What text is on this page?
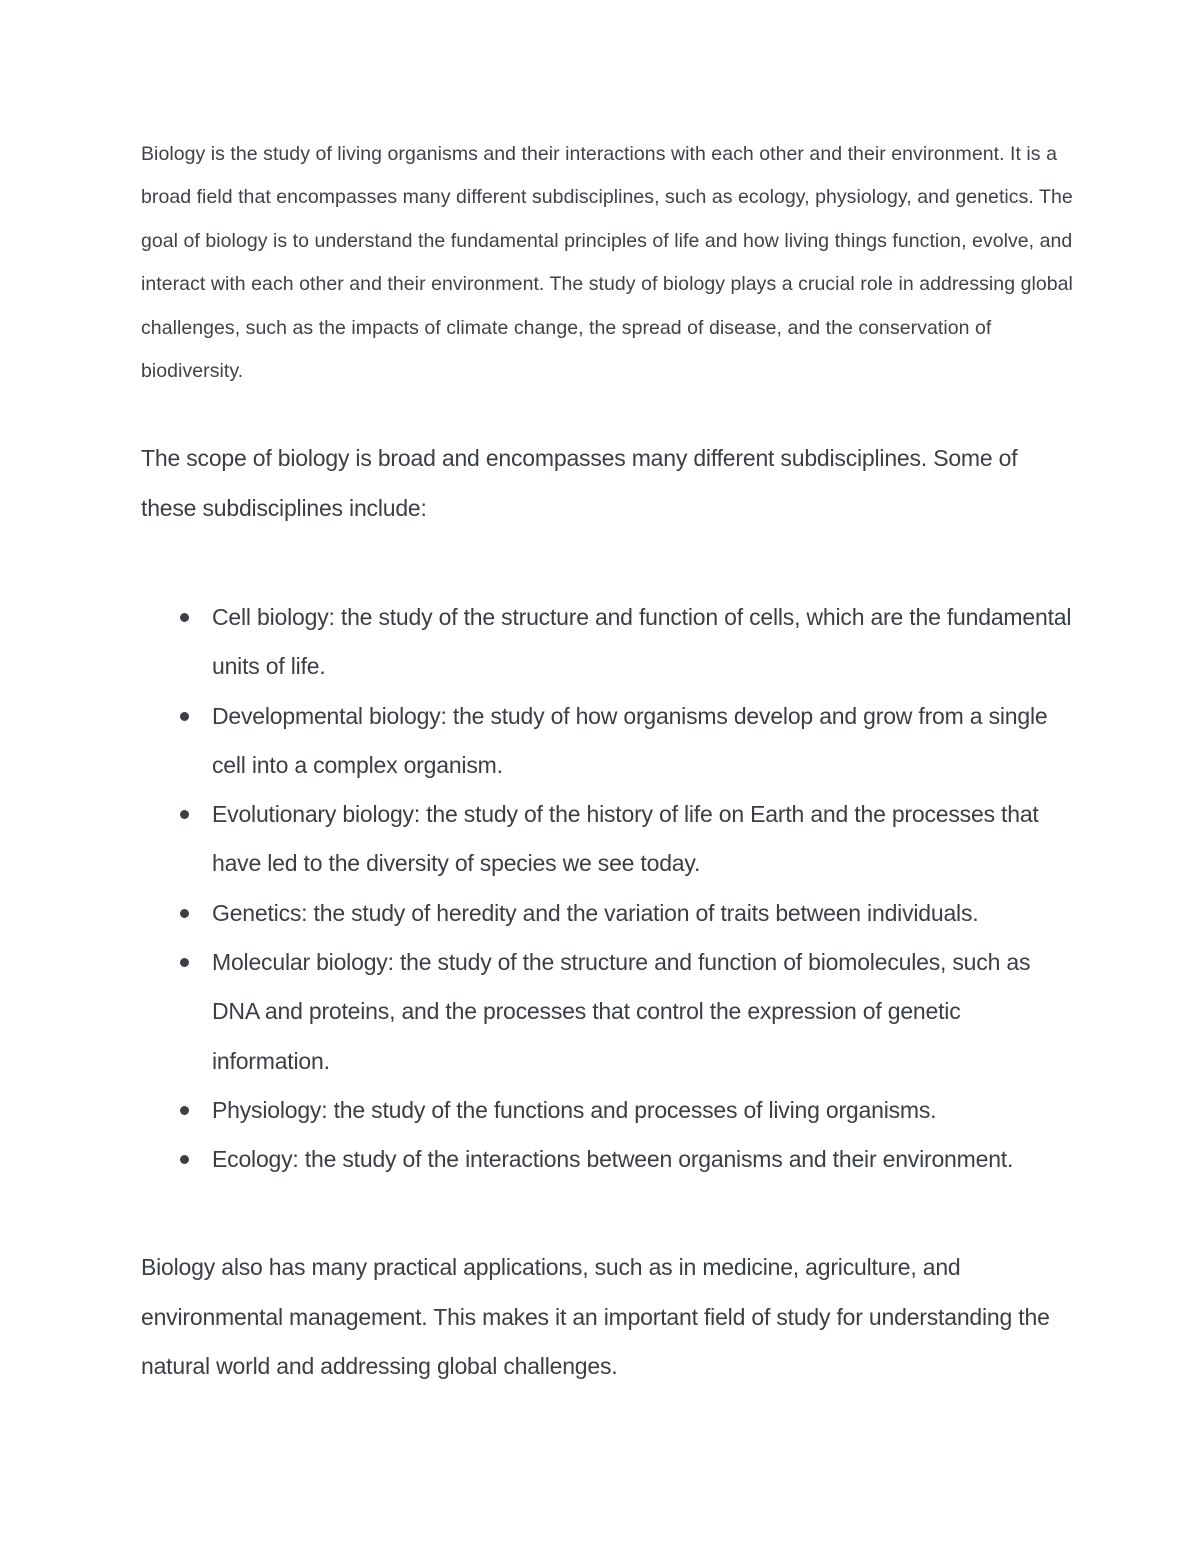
Biology is the study of living organisms and their interactions with each other and their environment. It is a broad field that encompasses many different subdisciplines, such as ecology, physiology, and genetics. The goal of biology is to understand the fundamental principles of life and how living things function, evolve, and interact with each other and their environment. The study of biology plays a crucial role in addressing global challenges, such as the impacts of climate change, the spread of disease, and the conservation of biodiversity.

The scope of biology is broad and encompasses many different subdisciplines. Some of these subdisciplines include:

Cell biology: the study of the structure and function of cells, which are the fundamental units of life.
Developmental biology: the study of how organisms develop and grow from a single cell into a complex organism.
Evolutionary biology: the study of the history of life on Earth and the processes that have led to the diversity of species we see today.
Genetics: the study of heredity and the variation of traits between individuals.
Molecular biology: the study of the structure and function of biomolecules, such as DNA and proteins, and the processes that control the expression of genetic information.
Physiology: the study of the functions and processes of living organisms.
Ecology: the study of the interactions between organisms and their environment.

Biology also has many practical applications, such as in medicine, agriculture, and environmental management. This makes it an important field of study for understanding the natural world and addressing global challenges.
